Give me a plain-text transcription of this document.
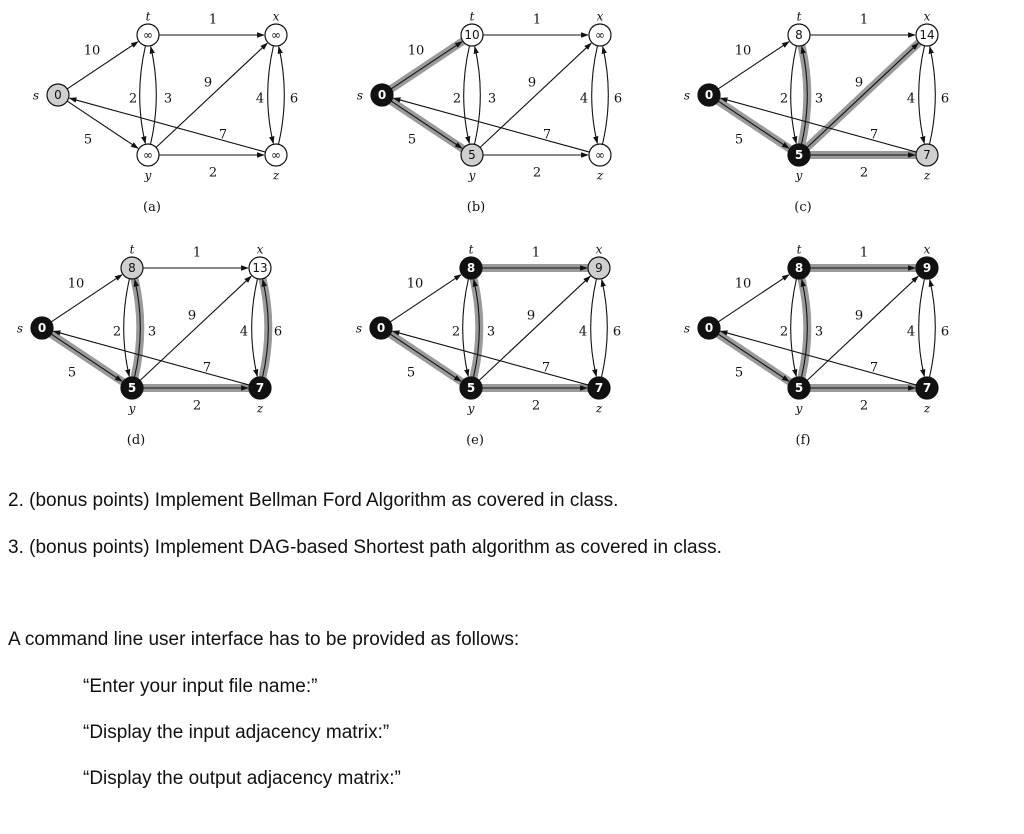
10
5
1
2 3
9
2
7
6
4
0
s
∞
t
∞
x
∞
y
∞
z
(a)
10
5
1
2 3
9
2
7
6
4
0
s
10
t
∞
x
5
y
∞
z
(b)
10
5
1
2 3
9
2
7
6
4
0
s
8
t
14
x
5
y
7
z
(c)
10
5
1
2 3
9
2
7
6
4
0
s
8
t
13
x
5
y
7
z
(d)
10
5
1
2 3
9
2
7
6
4
0
s
8
t
9
x
5
y
7
z
(e)
10
5
1
2 3
9
2
7
6
4
0
s
8
t
9
x
5
y
7
z
(f)
2. (bonus points) Implement Bellman Ford Algorithm as covered in class.
3. (bonus points) Implement DAG-based Shortest path algorithm as covered in class.
A command line user interface has to be provided as follows:
“Enter your input file name:”
“Display the input adjacency matrix:”
“Display the output adjacency matrix:”
